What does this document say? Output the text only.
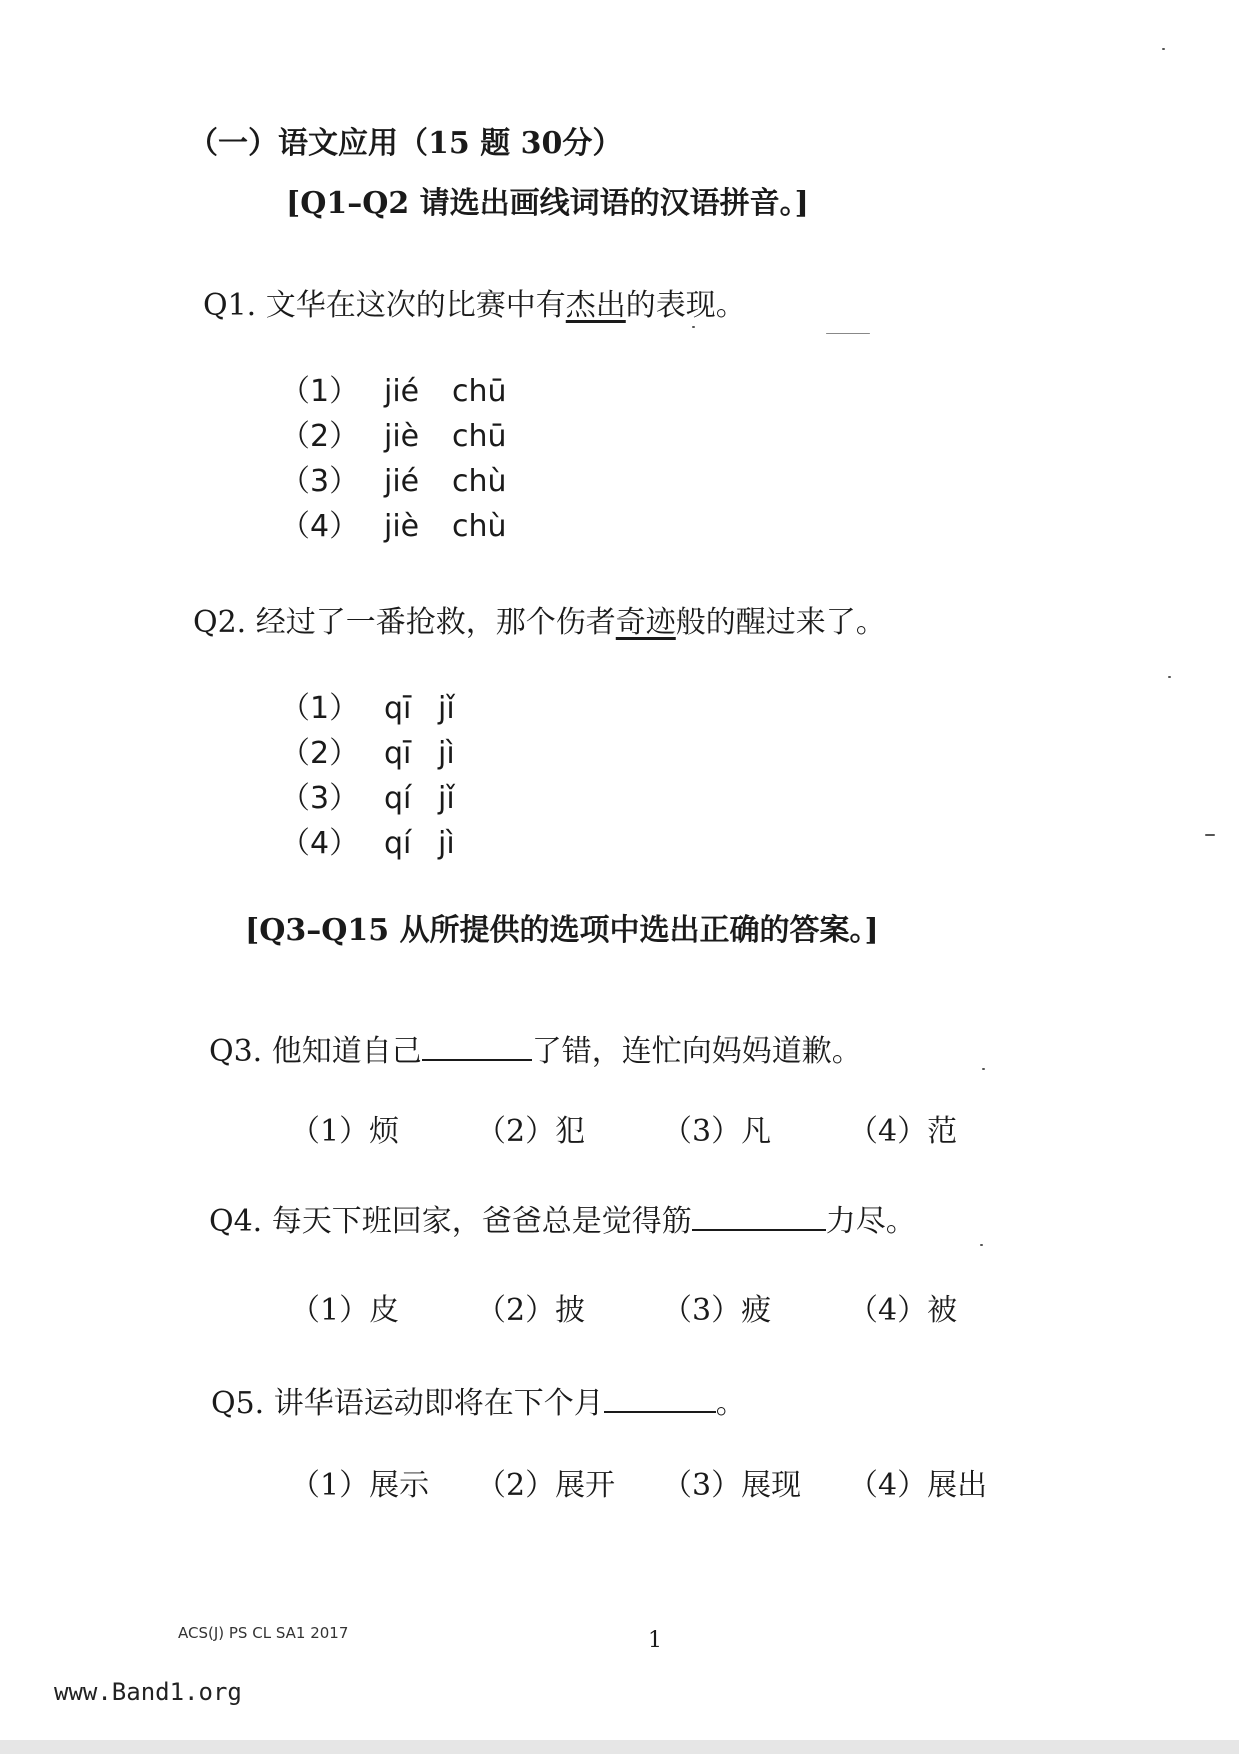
（一）语文应用（15 题 30分）
[Q1–Q2 请选出画线词语的汉语拼音。]
Q1. 文华在这次的比赛中有杰出的表现。
（1） jié chū
（2） jiè chū
（3） jié chù
（4） jiè chù
Q2. 经过了一番抢救，那个伤者奇迹般的醒过来了。
（1） qī jǐ
（2） qī jì
（3） qí jǐ
（4） qí jì
[Q3–Q15 从所提供的选项中选出正确的答案。]
Q3. 他知道自己	了错，连忙向妈妈道歉。
（1）烦	（2）犯	（3）凡	（4）范
Q4. 每天下班回家，爸爸总是觉得筋	力尽。
（1）皮	（2）披	（3）疲	（4）被
Q5. 讲华语运动即将在下个月	。
（1）展示 （2）展开 （3）展现 （4）展出
ACS(J) PS CL SA1 2017	1
www.Band1.org
